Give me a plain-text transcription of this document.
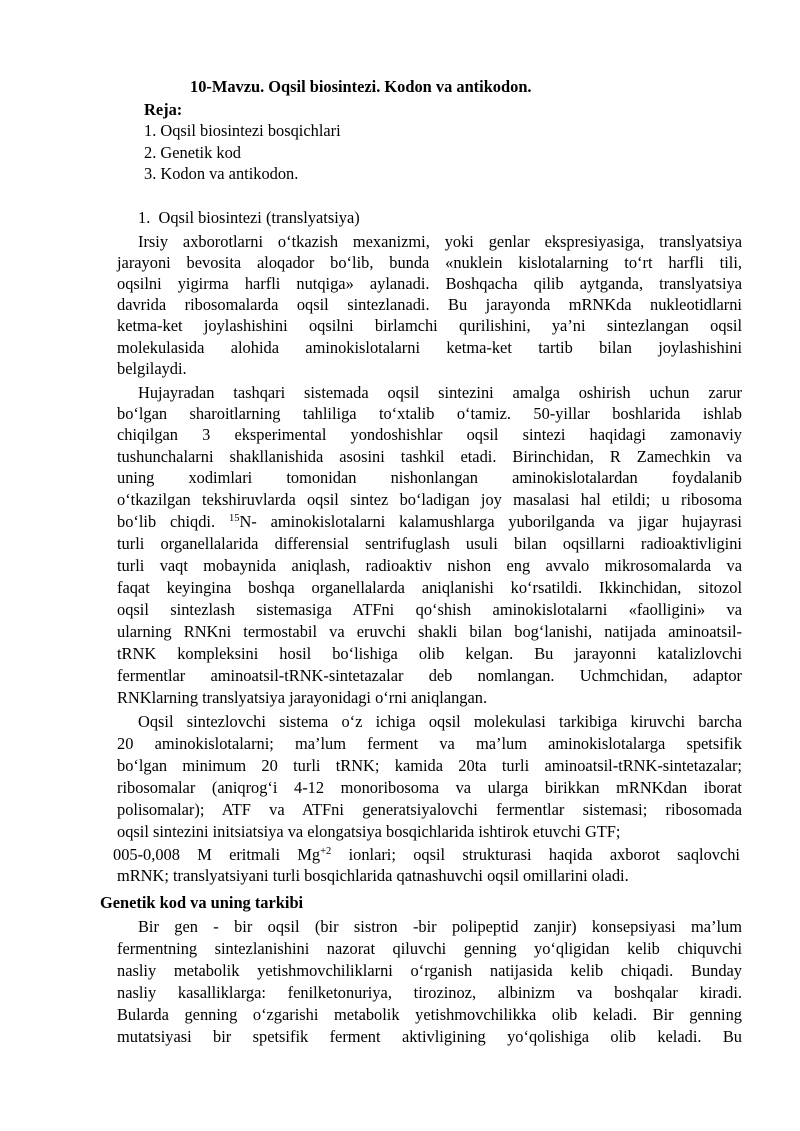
10-Mavzu. Oqsil biosintezi. Kodon va antikodon.
Reja:
1. Oqsil biosintezi bosqichlari
2. Genetik kod
3. Kodon va antikodon.
1. Oqsil biosintezi (translyatsiya)
Irsiy axborotlarni o‘tkazish mexanizmi, yoki genlar ekspresiyasiga, translyatsiya
jarayoni bevosita aloqador bo‘lib, bunda «nuklein kislotalarning to‘rt harfli tili,
oqsilni yigirma harfli nutqiga» aylanadi. Boshqacha qilib aytganda, translyatsiya
davrida ribosomalarda oqsil sintezlanadi. Bu jarayonda mRNKda nukleotidlarni
ketma-ket joylashishini oqsilni birlamchi qurilishini, ya’ni sintezlangan oqsil
molekulasida alohida aminokislotalarni ketma-ket tartib bilan joylashishini
belgilaydi.
Hujayradan tashqari sistemada oqsil sintezini amalga oshirish uchun zarur
bo‘lgan sharoitlarning tahliliga to‘xtalib o‘tamiz. 50-yillar boshlarida ishlab
chiqilgan 3 eksperimental yondoshishlar oqsil sintezi haqidagi zamonaviy
tushunchalarni shakllanishida asosini tashkil etadi. Birinchidan, R Zamechkin va
uning xodimlari tomonidan nishonlangan aminokislotalardan foydalanib
o‘tkazilgan tekshiruvlarda oqsil sintez bo‘ladigan joy masalasi hal etildi; u ribosoma
bo‘lib chiqdi. $^{15}$N- aminokislotalarni kalamushlarga yuborilganda va jigar hujayrasi
turli organellalarida differensial sentrifuglash usuli bilan oqsillarni radioaktivligini
turli vaqt mobaynida aniqlash, radioaktiv nishon eng avvalo mikrosomalarda va
faqat keyingina boshqa organellalarda aniqlanishi ko‘rsatildi. Ikkinchidan, sitozol
oqsil sintezlash sistemasiga ATFni qo‘shish aminokislotalarni «faolligini» va
ularning RNKni termostabil va eruvchi shakli bilan bog‘lanishi, natijada aminoatsil-
tRNK kompleksini hosil bo‘lishiga olib kelgan. Bu jarayonni katalizlovchi
fermentlar aminoatsil-tRNK-sintetazalar deb nomlangan. Uchmchidan, adaptor
RNKlarning translyatsiya jarayonidagi o‘rni aniqlangan.
Oqsil sintezlovchi sistema o‘z ichiga oqsil molekulasi tarkibiga kiruvchi barcha
20 aminokislotalarni; ma’lum ferment va ma’lum aminokislotalarga spetsifik
bo‘lgan minimum 20 turli tRNK; kamida 20ta turli aminoatsil-tRNK-sintetazalar;
ribosomalar (aniqrog‘i 4-12 monoribosoma va ularga birikkan mRNKdan iborat
polisomalar); ATF va ATFni generatsiyalovchi fermentlar sistemasi; ribosomada
oqsil sintezini initsiatsiya va elongatsiya bosqichlarida ishtirok etuvchi GTF;
005-0,008 M eritmali $Mg^{+2}$ ionlari; oqsil strukturasi haqida axborot saqlovchi
mRNK; translyatsiyani turli bosqichlarida qatnashuvchi oqsil omillarini oladi.
Genetik kod va uning tarkibi
Bir gen - bir oqsil (bir sistron -bir polipeptid zanjir) konsepsiyasi ma’lum
fermentning sintezlanishini nazorat qiluvchi genning yo‘qligidan kelib chiquvchi
nasliy metabolik yetishmovchiliklarni o‘rganish natijasida kelib chiqadi. Bunday
nasliy kasalliklarga: fenilketonuriya, tirozinoz, albinizm va boshqalar kiradi.
Bularda genning o‘zgarishi metabolik yetishmovchilikka olib keladi. Bir genning
mutatsiyasi bir spetsifik ferment aktivligining yo‘qolishiga olib keladi. Bu
